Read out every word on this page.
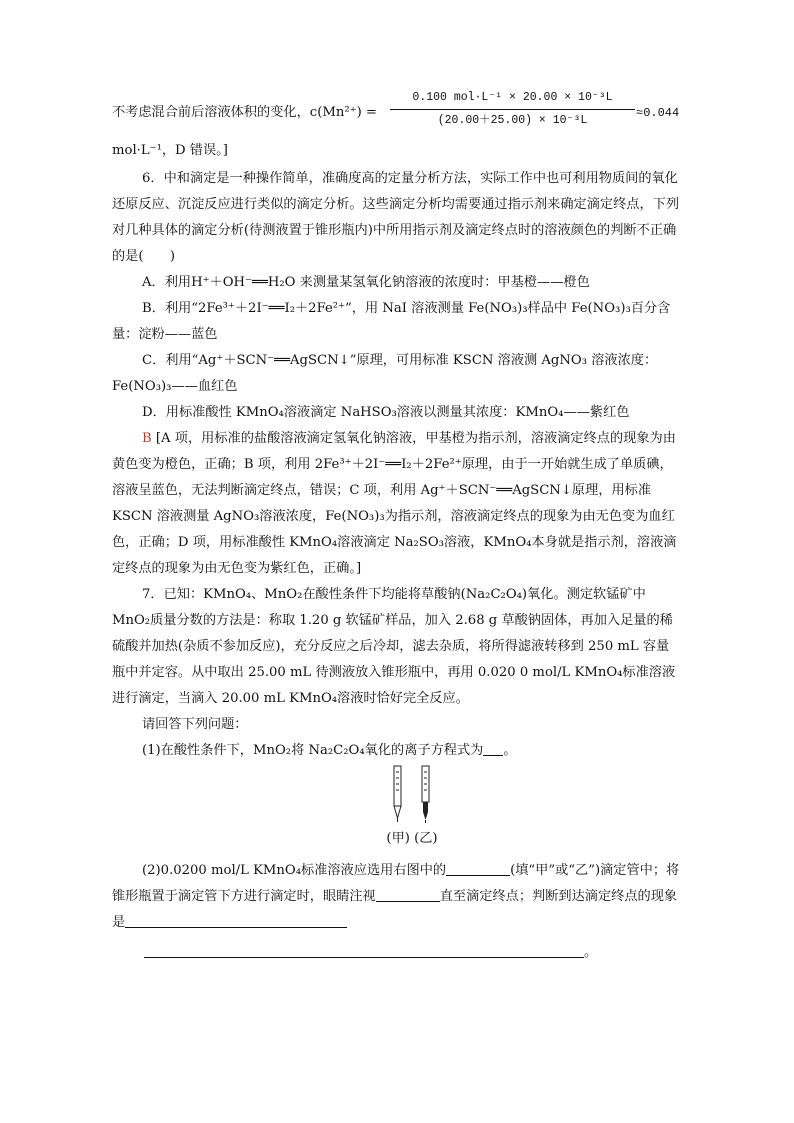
不考虑混合前后溶液体积的变化，c(Mn²⁺) =
0.100 mol·L⁻¹ × 20.00 × 10⁻³L
(20.00＋25.00) × 10⁻³L
≈0.044

mol·L⁻¹，D 错误。]

6．中和滴定是一种操作简单，准确度高的定量分析方法，实际工作中也可利用物质间的氧化还原反应、沉淀反应进行类似的滴定分析。这些滴定分析均需要通过指示剂来确定滴定终点，下列对几种具体的滴定分析(待测液置于锥形瓶内)中所用指示剂及滴定终点时的溶液颜色的判断不正确的是(　　)

A．利用H⁺＋OH⁻══H₂O 来测量某氢氧化钠溶液的浓度时：甲基橙——橙色

B．利用“2Fe³⁺＋2I⁻══I₂＋2Fe²⁺”，用 NaI 溶液测量 Fe(NO₃)₃样品中 Fe(NO₃)₃百分含量：淀粉——蓝色

C．利用“Ag⁺＋SCN⁻══AgSCN↓”原理，可用标准 KSCN 溶液测 AgNO₃ 溶液浓度：Fe(NO₃)₃——血红色

D．用标准酸性 KMnO₄溶液滴定 NaHSO₃溶液以测量其浓度：KMnO₄——紫红色

B [A 项，用标准的盐酸溶液滴定氢氧化钠溶液，甲基橙为指示剂，溶液滴定终点的现象为由黄色变为橙色，正确；B 项，利用 2Fe³⁺＋2I⁻══I₂＋2Fe²⁺原理，由于一开始就生成了单质碘，溶液呈蓝色，无法判断滴定终点，错误；C 项，利用 Ag⁺＋SCN⁻══AgSCN↓原理，用标准 KSCN 溶液测量 AgNO₃溶液浓度，Fe(NO₃)₃为指示剂，溶液滴定终点的现象为由无色变为血红色，正确；D 项，用标准酸性 KMnO₄溶液滴定 Na₂SO₃溶液，KMnO₄本身就是指示剂，溶液滴定终点的现象为由无色变为紫红色，正确。]

7．已知：KMnO₄、MnO₂在酸性条件下均能将草酸钠(Na₂C₂O₄)氧化。测定软锰矿中 MnO₂质量分数的方法是：称取 1.20 g 软锰矿样品，加入 2.68 g 草酸钠固体，再加入足量的稀硫酸并加热(杂质不参加反应)，充分反应之后冷却，滤去杂质，将所得滤液转移到 250 mL 容量瓶中并定容。从中取出 25.00 mL 待测液放入锥形瓶中，再用 0.020 0 mol/L KMnO₄标准溶液进行滴定，当滴入 20.00 mL KMnO₄溶液时恰好完全反应。

请回答下列问题：

(1)在酸性条件下，MnO₂将 Na₂C₂O₄氧化的离子方程式为 。

(甲) (乙)

(2)0.0200 mol/L KMnO₄标准溶液应选用右图中的	(填“甲”或“乙”)滴定管中；将锥形瓶置于滴定管下方进行滴定时，眼睛注视	直至滴定终点；判断到达滴定终点的现象是

。
